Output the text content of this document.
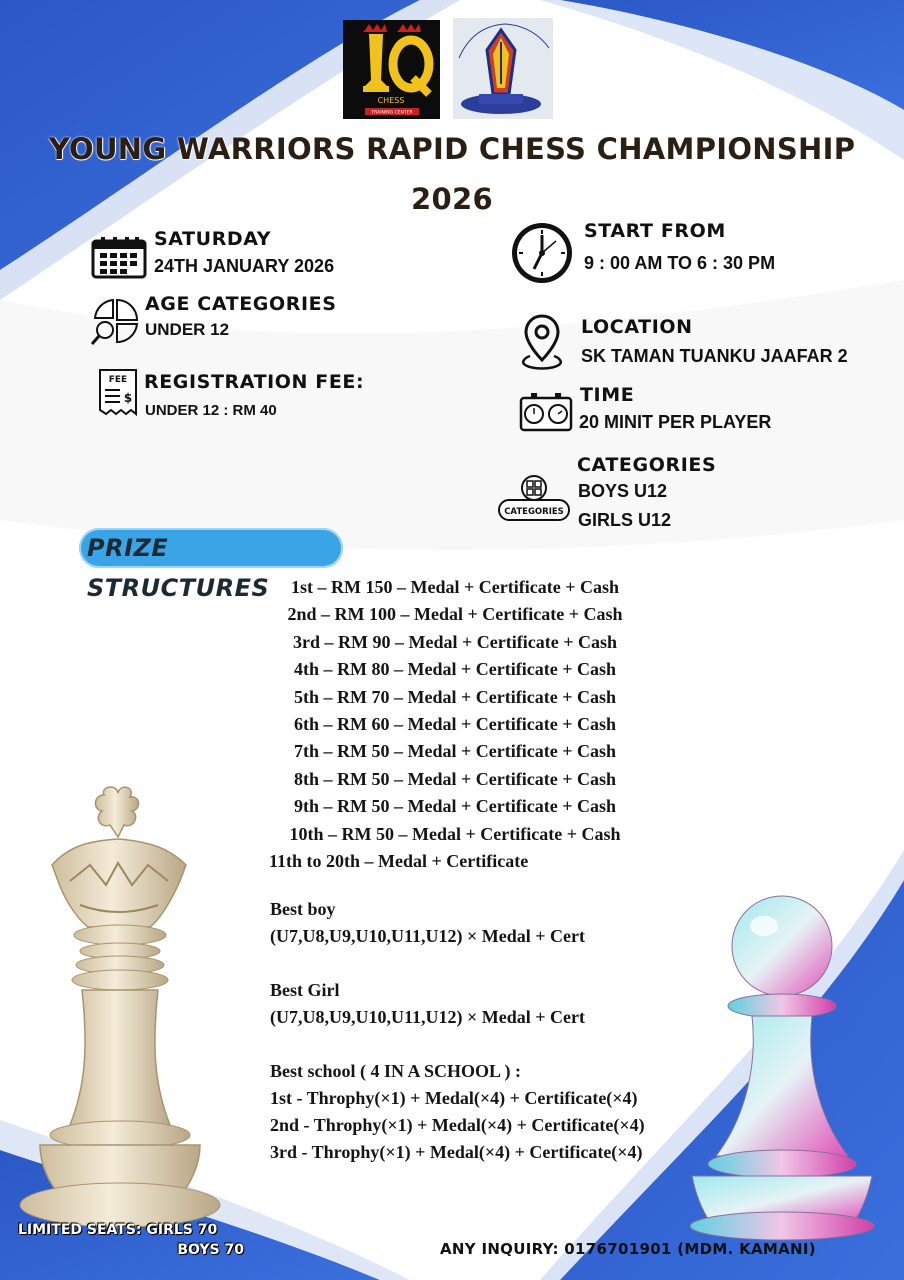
CHESS
TRAINING CENTER
YOUNG WARRIORS RAPID CHESS CHAMPIONSHIP
2026
SATURDAY
24TH JANUARY 2026
START FROM
9 : 00 AM TO 6 : 30 PM
AGE CATEGORIES
UNDER 12	LOCATION
SK TAMAN TUANKU JAAFAR 2
FEE
$
REGISTRATION FEE:
UNDER 12 : RM 40
TIME
20 MINIT PER PLAYER
CATEGORIES
CATEGORIES
BOYS U12
GIRLS U12
PRIZE STRUCTURES	1st – RM 150 – Medal + Certificate + Cash
2nd – RM 100 – Medal + Certificate + Cash
3rd – RM 90 – Medal + Certificate + Cash
4th – RM 80 – Medal + Certificate + Cash
5th – RM 70 – Medal + Certificate + Cash
6th – RM 60 – Medal + Certificate + Cash
7th – RM 50 – Medal + Certificate + Cash
8th – RM 50 – Medal + Certificate + Cash
9th – RM 50 – Medal + Certificate + Cash
10th – RM 50 – Medal + Certificate + Cash
11th to 20th – Medal + Certificate
Best boy
(U7,U8,U9,U10,U11,U12) × Medal + Cert
Best Girl
(U7,U8,U9,U10,U11,U12) × Medal + Cert
Best school ( 4 IN A SCHOOL ) :
1st - Throphy(×1) + Medal(×4) + Certificate(×4)
2nd - Throphy(×1) + Medal(×4) + Certificate(×4)
3rd - Throphy(×1) + Medal(×4) + Certificate(×4)
LIMITED SEATS: GIRLS 70
BOYS 70	ANY INQUIRY: 0176701901 (MDM. KAMANI)
